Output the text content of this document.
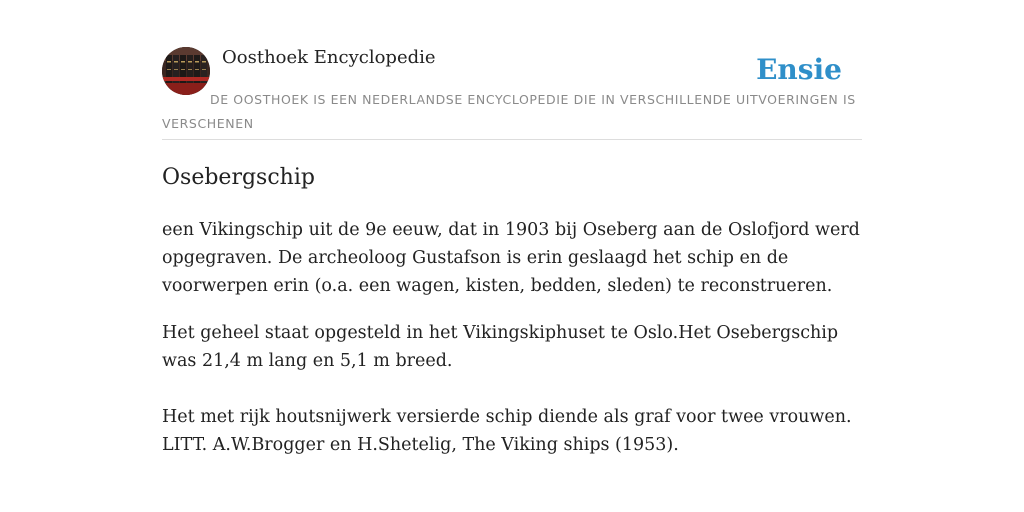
Oosthoek Encyclopedie	Ensie
DE OOSTHOEK IS EEN NEDERLANDSE ENCYCLOPEDIE DIE IN VERSCHILLENDE UITVOERINGEN IS VERSCHENEN
Osebergschip

een Vikingschip uit de 9e eeuw, dat in 1903 bij Oseberg aan de Oslofjord werd opgegraven. De archeoloog Gustafson is erin geslaagd het schip en de voorwerpen erin (o.a. een wagen, kisten, bedden, sleden) te reconstrueren.

Het geheel staat opgesteld in het Vikingskiphuset te Oslo.Het Osebergschip was 21,4 m lang en 5,1 m breed.

Het met rijk houtsnijwerk versierde schip diende als graf voor twee vrouwen. LITT. A.W.Brogger en H.Shetelig, The Viking ships (1953).
